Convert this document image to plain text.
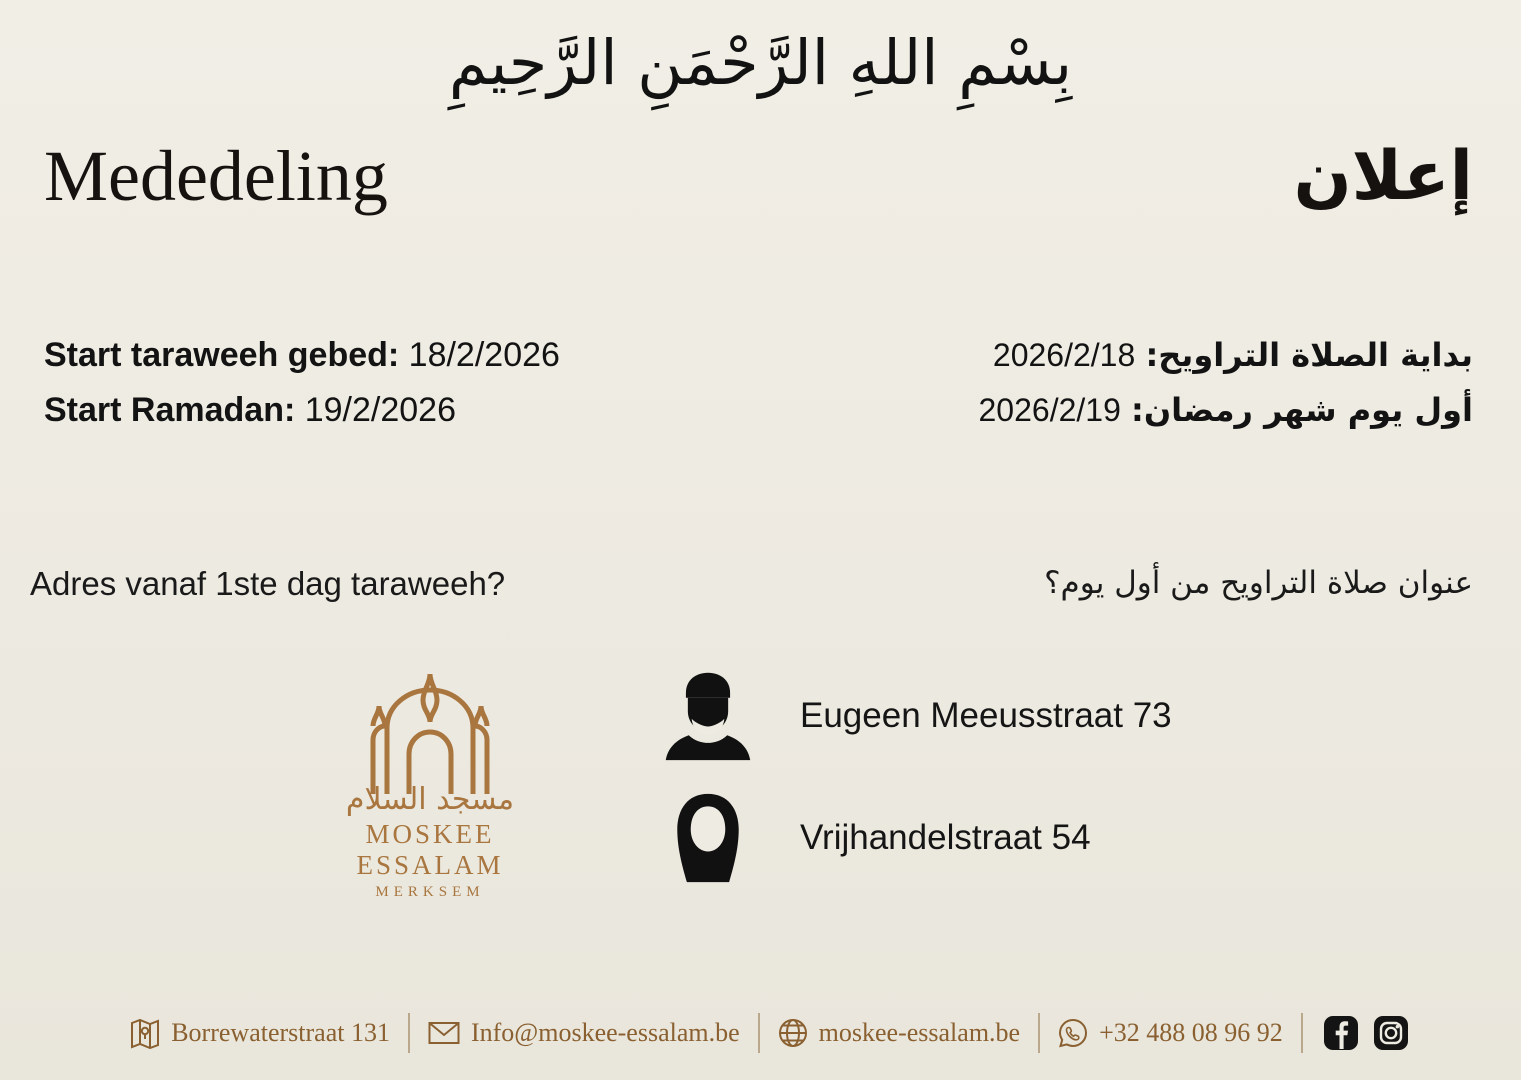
بِسْمِ اللهِ الرَّحْمَنِ الرَّحِيمِ
Mededeling	إعلان
Start taraweeh gebed: 18/2/2026
Start Ramadan: 19/2/2026
بداية الصلاة التراويح: 2026/2/18
أول يوم شهر رمضان: 2026/2/19
Adres vanaf 1ste dag taraweeh?	عنوان صلاة التراويح من أول يوم؟
مسجد السلام
MOSKEE ESSALAM
MERKSEM
Eugeen Meeusstraat 73
Vrijhandelstraat 54
Borrewaterstraat 131	Info@moskee-essalam.be	moskee-essalam.be	+32 488 08 96 92
